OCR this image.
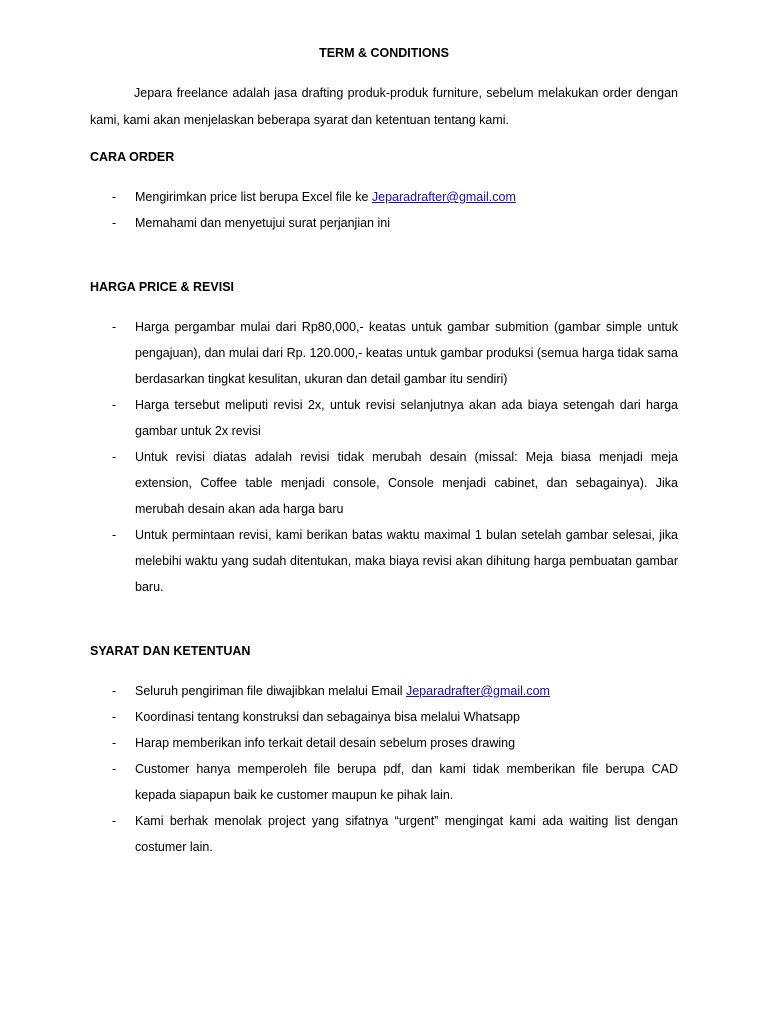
TERM & CONDITIONS

Jepara freelance adalah jasa drafting produk-produk furniture, sebelum melakukan order dengan kami, kami akan menjelaskan beberapa syarat dan ketentuan tentang kami.

CARA ORDER
- Mengirimkan price list berupa Excel file ke Jeparadrafter@gmail.com
- Memahami dan menyetujui surat perjanjian ini
HARGA PRICE & REVISI
- Harga pergambar mulai dari Rp80,000,- keatas untuk gambar submition (gambar simple untuk pengajuan), dan mulai dari Rp. 120.000,- keatas untuk gambar produksi (semua harga tidak sama berdasarkan tingkat kesulitan, ukuran dan detail gambar itu sendiri)
- Harga tersebut meliputi revisi 2x, untuk revisi selanjutnya akan ada biaya setengah dari harga gambar untuk 2x revisi
- Untuk revisi diatas adalah revisi tidak merubah desain (missal: Meja biasa menjadi meja extension, Coffee table menjadi console, Console menjadi cabinet, dan sebagainya). Jika merubah desain akan ada harga baru
- Untuk permintaan revisi, kami berikan batas waktu maximal 1 bulan setelah gambar selesai, jika melebihi waktu yang sudah ditentukan, maka biaya revisi akan dihitung harga pembuatan gambar baru.
SYARAT DAN KETENTUAN
- Seluruh pengiriman file diwajibkan melalui Email Jeparadrafter@gmail.com
- Koordinasi tentang konstruksi dan sebagainya bisa melalui Whatsapp
- Harap memberikan info terkait detail desain sebelum proses drawing
- Customer hanya memperoleh file berupa pdf, dan kami tidak memberikan file berupa CAD kepada siapapun baik ke customer maupun ke pihak lain.
- Kami berhak menolak project yang sifatnya “urgent” mengingat kami ada waiting list dengan costumer lain.
